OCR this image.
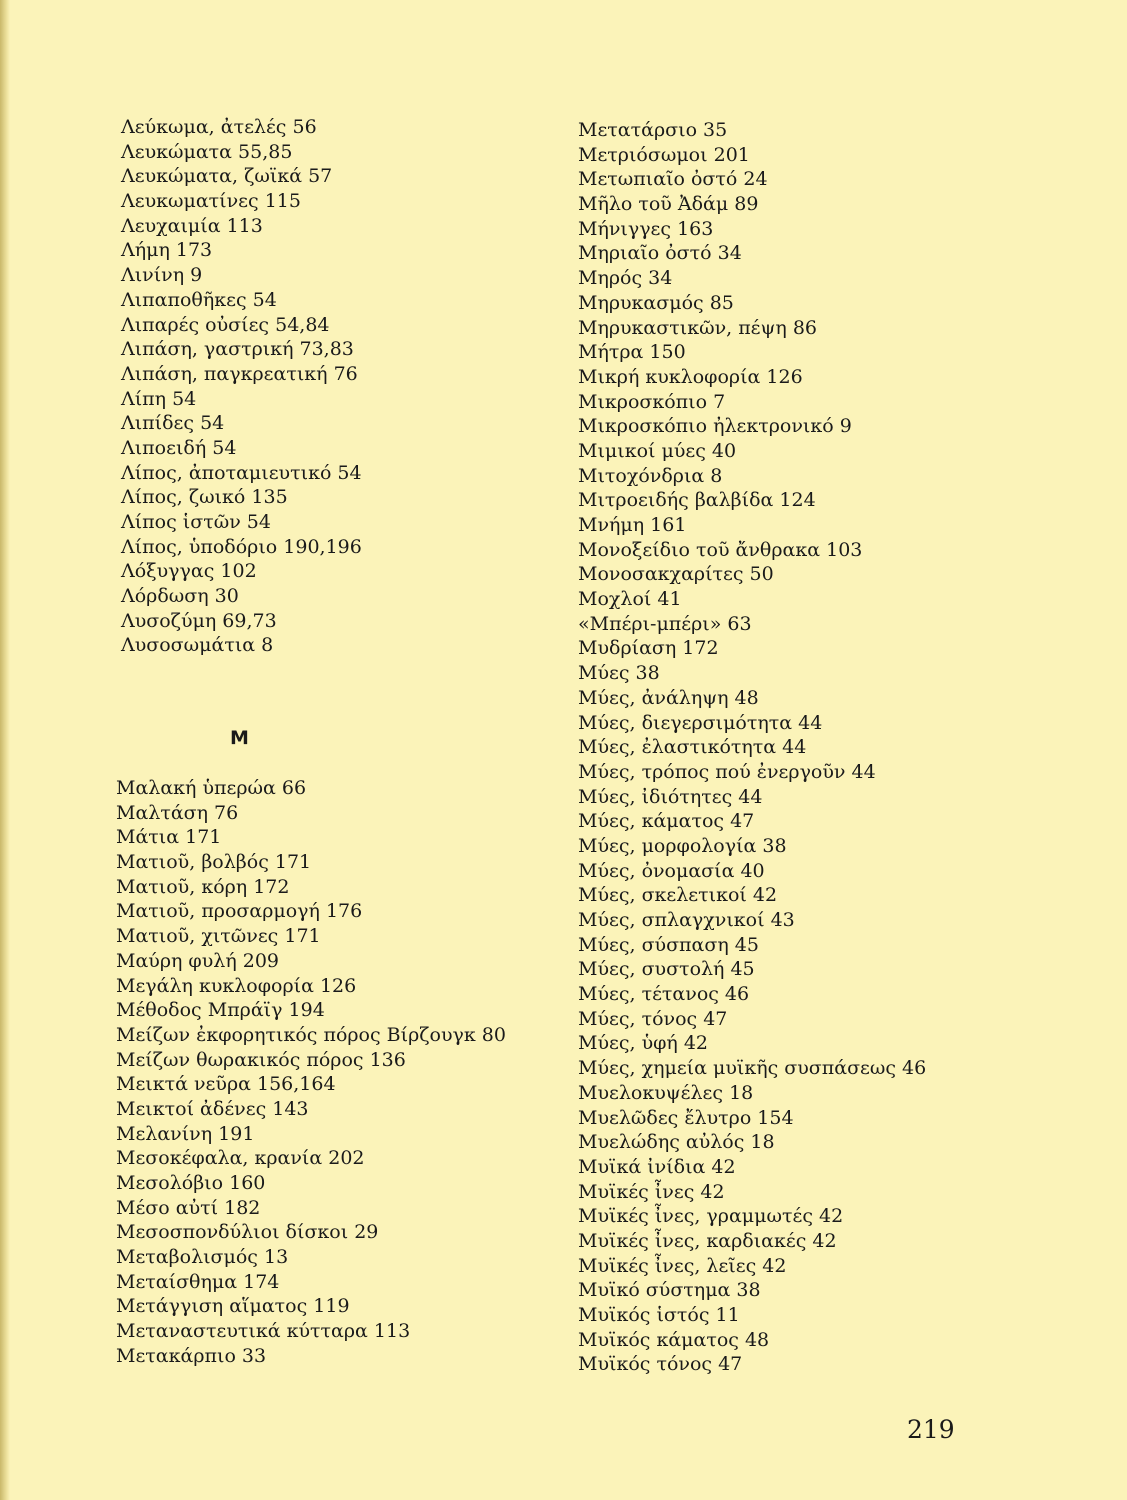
Λεύκωμα, ἀτελές 56
Λευκώματα 55,85
Λευκώματα, ζωϊκά 57
Λευκωματίνες 115
Λευχαιμία 113
Λήμη 173
Λινίνη 9
Λιπαποθῆκες 54
Λιπαρές οὐσίες 54,84
Λιπάση, γαστρική 73,83
Λιπάση, παγκρεατική 76
Λίπη 54
Λιπίδες 54
Λιποειδή 54
Λίπος, ἀποταμιευτικό 54
Λίπος, ζωικό 135
Λίπος ἱστῶν 54
Λίπος, ὑποδόριο 190,196
Λόξυγγας 102
Λόρδωση 30
Λυσοζύμη 69,73
Λυσοσωμάτια 8
Μ
Μαλακή ὑπερώα 66
Μαλτάση 76
Μάτια 171
Ματιοῦ, βολβός 171
Ματιοῦ, κόρη 172
Ματιοῦ, προσαρμογή 176
Ματιοῦ, χιτῶνες 171
Μαύρη φυλή 209
Μεγάλη κυκλοφορία 126
Μέθοδος Μπράϊγ 194
Μείζων ἐκφορητικός πόρος Βίρζουγκ 80
Μείζων θωρακικός πόρος 136
Μεικτά νεῦρα 156,164
Μεικτοί ἀδένες 143
Μελανίνη 191
Μεσοκέφαλα, κρανία 202
Μεσολόβιο 160
Μέσο αὐτί 182
Μεσοσπονδύλιοι δίσκοι 29
Μεταβολισμός 13
Μεταίσθημα 174
Μετάγγιση αἵματος 119
Μεταναστευτικά κύτταρα 113
Μετακάρπιο 33
Μετατάρσιο 35
Μετριόσωμοι 201
Μετωπιαῖο ὀστό 24
Μῆλο τοῦ Ἀδάμ 89
Μήνιγγες 163
Μηριαῖο ὀστό 34
Μηρός 34
Μηρυκασμός 85
Μηρυκαστικῶν, πέψη 86
Μήτρα 150
Μικρή κυκλοφορία 126
Μικροσκόπιο 7
Μικροσκόπιο ἠλεκτρονικό 9
Μιμικοί μύες 40
Μιτοχόνδρια 8
Μιτροειδής βαλβίδα 124
Μνήμη 161
Μονοξείδιο τοῦ ἄνθρακα 103
Μονοσακχαρίτες 50
Μοχλοί 41
«Μπέρι-μπέρι» 63
Μυδρίαση 172
Μύες 38
Μύες, ἀνάληψη 48
Μύες, διεγερσιμότητα 44
Μύες, ἐλαστικότητα 44
Μύες, τρόπος πού ἐνεργοῦν 44
Μύες, ἰδιότητες 44
Μύες, κάματος 47
Μύες, μορφολογία 38
Μύες, ὀνομασία 40
Μύες, σκελετικοί 42
Μύες, σπλαγχνικοί 43
Μύες, σύσπαση 45
Μύες, συστολή 45
Μύες, τέτανος 46
Μύες, τόνος 47
Μύες, ὑφή 42
Μύες, χημεία μυϊκῆς συσπάσεως 46
Μυελοκυψέλες 18
Μυελῶδες ἔλυτρο 154
Μυελώδης αὐλός 18
Μυϊκά ἰνίδια 42
Μυϊκές ἶνες 42
Μυϊκές ἶνες, γραμμωτές 42
Μυϊκές ἶνες, καρδιακές 42
Μυϊκές ἶνες, λεῖες 42
Μυϊκό σύστημα 38
Μυϊκός ἱστός 11
Μυϊκός κάματος 48
Μυϊκός τόνος 47
219
